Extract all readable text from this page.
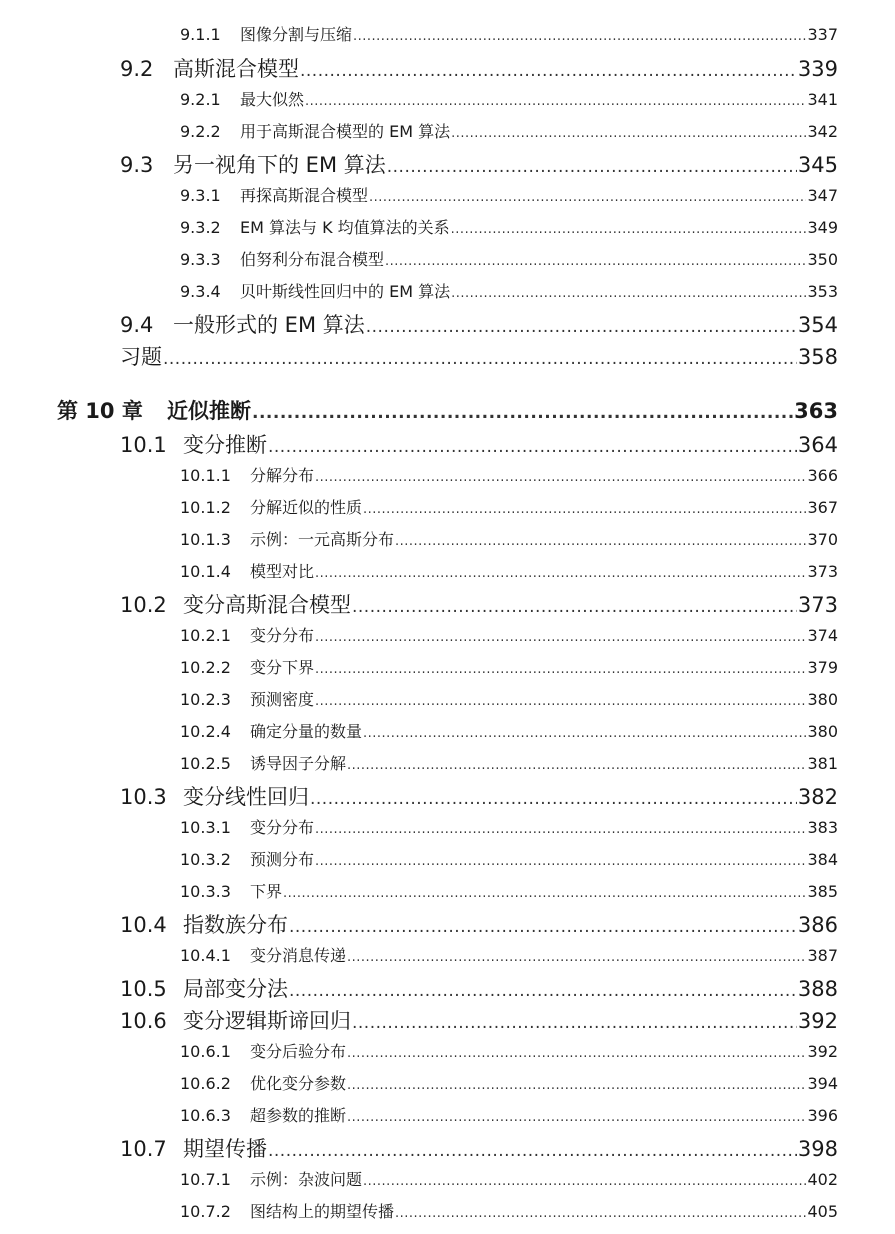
9.1.1	图像分割与压缩 .....	337
9.2 高斯混合模型 .....	339
9.2.1	最大似然 .....	341
9.2.2	用于高斯混合模型的 EM 算法 .....	342
9.3 另一视角下的 EM 算法 .....	345
9.3.1	再探高斯混合模型 .....	347
9.3.2	EM 算法与 K 均值算法的关系 .....	349
9.3.3	伯努利分布混合模型 .....	350
9.3.4	贝叶斯线性回归中的 EM 算法 .....	353
9.4 一般形式的 EM 算法 .....	354
习题 .....	358
第 10 章	近似推断 .....	363
10.1 变分推断 .....	364
10.1.1	分解分布 .....	366
10.1.2	分解近似的性质 .....	367
10.1.3	示例：一元高斯分布 .....	370
10.1.4	模型对比 .....	373
10.2 变分高斯混合模型 .....	373
10.2.1	变分分布 .....	374
10.2.2	变分下界 .....	379
10.2.3	预测密度 .....	380
10.2.4	确定分量的数量 .....	380
10.2.5	诱导因子分解 .....	381
10.3 变分线性回归 .....	382
10.3.1	变分分布 .....	383
10.3.2	预测分布 .....	384
10.3.3	下界 .....	385
10.4 指数族分布 .....	386
10.4.1	变分消息传递 .....	387
10.5 局部变分法 .....	388
10.6 变分逻辑斯谛回归 .....	392
10.6.1	变分后验分布 .....	392
10.6.2	优化变分参数 .....	394
10.6.3	超参数的推断 .....	396
10.7 期望传播 .....	398
10.7.1	示例：杂波问题 .....	402
10.7.2	图结构上的期望传播 .....	405
